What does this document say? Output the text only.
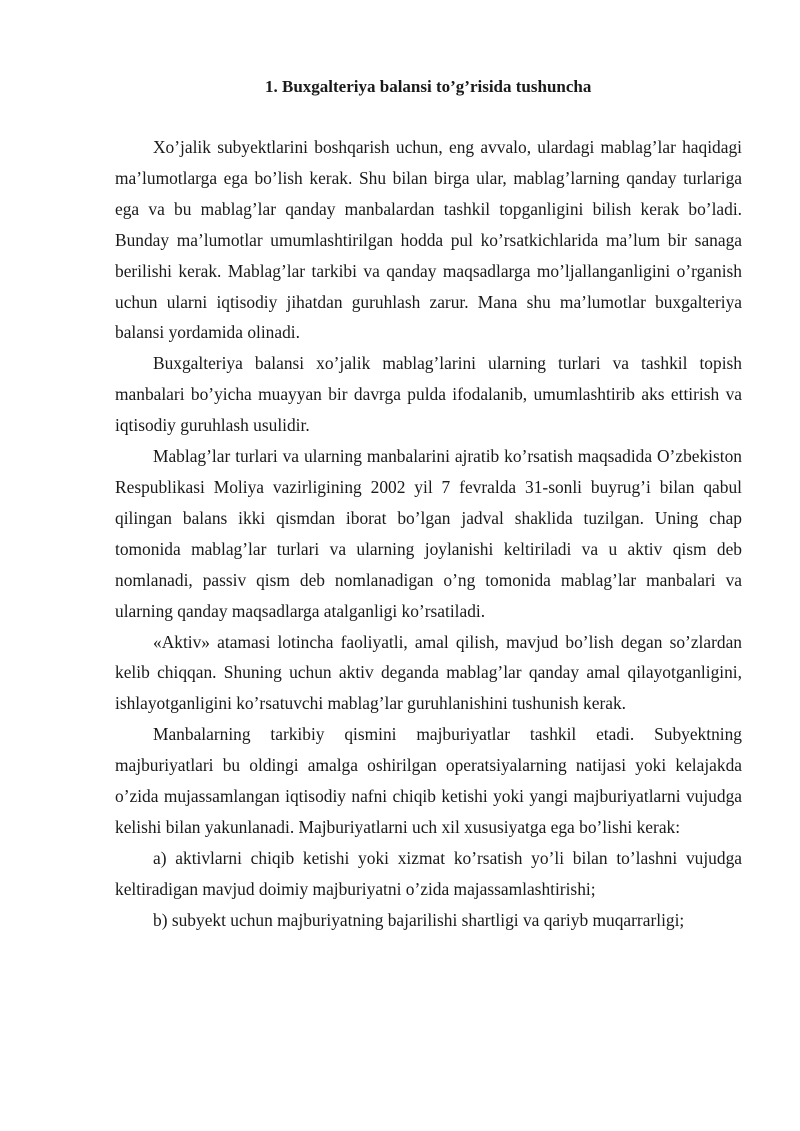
1. Buxgalteriya balansi to’g’risida tushuncha

Xo’jalik subyektlarini boshqarish uchun, eng avvalo, ulardagi mablag’lar haqidagi ma’lumotlarga ega bo’lish kerak. Shu bilan birga ular, mablag’larning qanday turlariga ega va bu mablag’lar qanday manbalardan tashkil topganligini bilish kerak bo’ladi. Bunday ma’lumotlar umumlashtirilgan hodda pul ko’rsatkichlarida ma’lum bir sanaga berilishi kerak. Mablag’lar tarkibi va qanday maqsadlarga mo’ljallanganligini o’rganish uchun ularni iqtisodiy jihatdan guruhlash zarur. Mana shu ma’lumotlar buxgalteriya balansi yordamida olinadi.

Buxgalteriya balansi xo’jalik mablag’larini ularning turlari va tashkil topish manbalari bo’yicha muayyan bir davrga pulda ifodalanib, umumlashtirib aks ettirish va iqtisodiy guruhlash usulidir.

Mablag’lar turlari va ularning manbalarini ajratib ko’rsatish maqsadida O’zbekiston Respublikasi Moliya vazirligining 2002 yil 7 fevralda 31-sonli buyrug’i bilan qabul qilingan balans ikki qismdan iborat bo’lgan jadval shaklida tuzilgan. Uning chap tomonida mablag’lar turlari va ularning joylanishi keltiriladi va u aktiv qism deb nomlanadi, passiv qism deb nomlanadigan o’ng tomonida mablag’lar manbalari va ularning qanday maqsadlarga atalganligi ko’rsatiladi.

«Aktiv» atamasi lotincha faoliyatli, amal qilish, mavjud bo’lish degan so’zlardan kelib chiqqan. Shuning uchun aktiv deganda mablag’lar qanday amal qilayotganligini, ishlayotganligini ko’rsatuvchi mablag’lar guruhlanishini tushunish kerak.

Manbalarning tarkibiy qismini majburiyatlar tashkil etadi. Subyektning majburiyatlari bu oldingi amalga oshirilgan operatsiyalarning natijasi yoki kelajakda o’zida mujassamlangan iqtisodiy nafni chiqib ketishi yoki yangi majburiyatlarni vujudga kelishi bilan yakunlanadi. Majburiyatlarni uch xil xususiyatga ega bo’lishi kerak:

a) aktivlarni chiqib ketishi yoki xizmat ko’rsatish yo’li bilan to’lashni vujudga keltiradigan mavjud doimiy majburiyatni o’zida majassamlashtirishi;

b) subyekt uchun majburiyatning bajarilishi shartligi va qariyb muqarrarligi;
